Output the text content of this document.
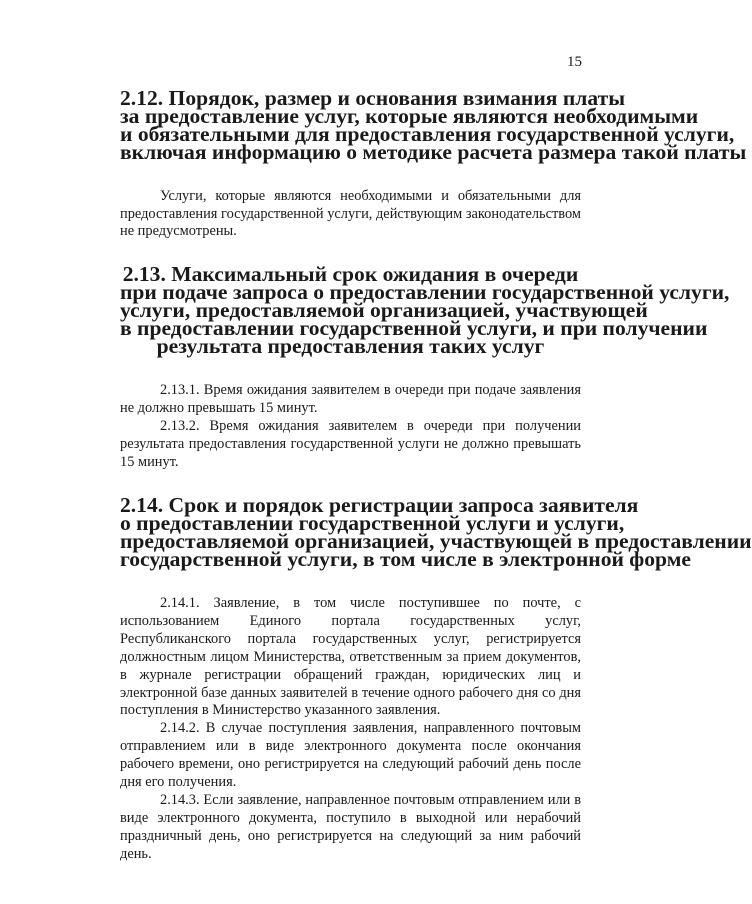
15
2.12. Порядок, размер и основания взимания платы
за предоставление услуг, которые являются необходимыми
и обязательными для предоставления государственной услуги,
включая информацию о методике расчета размера такой платы

Услуги, которые являются необходимыми и обязательными для предоставления государственной услуги, действующим законодательством не предусмотрены.

2.13. Максимальный срок ожидания в очереди
при подаче запроса о предоставлении государственной услуги,
услуги, предоставляемой организацией, участвующей
в предоставлении государственной услуги, и при получении
результата предоставления таких услуг

2.13.1. Время ожидания заявителем в очереди при подаче заявления не должно превышать 15 минут.

2.13.2. Время ожидания заявителем в очереди при получении результата предоставления государственной услуги не должно превышать 15 минут.

2.14. Срок и порядок регистрации запроса заявителя
о предоставлении государственной услуги и услуги,
предоставляемой организацией, участвующей в предоставлении
государственной услуги, в том числе в электронной форме

2.14.1. Заявление, в том числе поступившее по почте, с использованием Единого портала государственных услуг, Республиканского портала государственных услуг, регистрируется должностным лицом Министерства, ответственным за прием документов, в журнале регистрации обращений граждан, юридических лиц и электронной базе данных заявителей в течение одного рабочего дня со дня поступления в Министерство указанного заявления.

2.14.2. В случае поступления заявления, направленного почтовым отправлением или в виде электронного документа после окончания рабочего времени, оно регистрируется на следующий рабочий день после дня его получения.

2.14.3. Если заявление, направленное почтовым отправлением или в виде электронного документа, поступило в выходной или нерабочий праздничный день, оно регистрируется на следующий за ним рабочий день.
